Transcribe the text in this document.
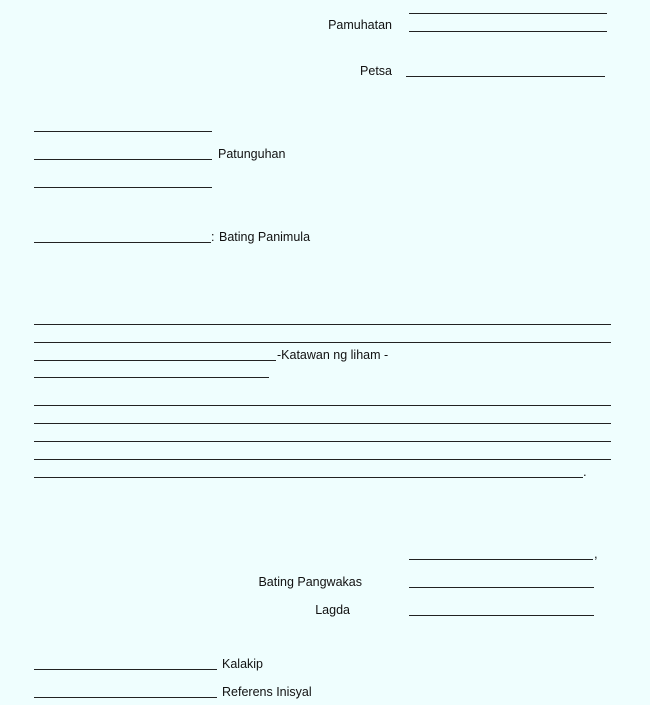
Pamuhatan
Petsa
Patunguhan
: Bating Panimula
-Katawan ng liham -
.
,
Bating Pangwakas
Lagda
Kalakip
Referens Inisyal
